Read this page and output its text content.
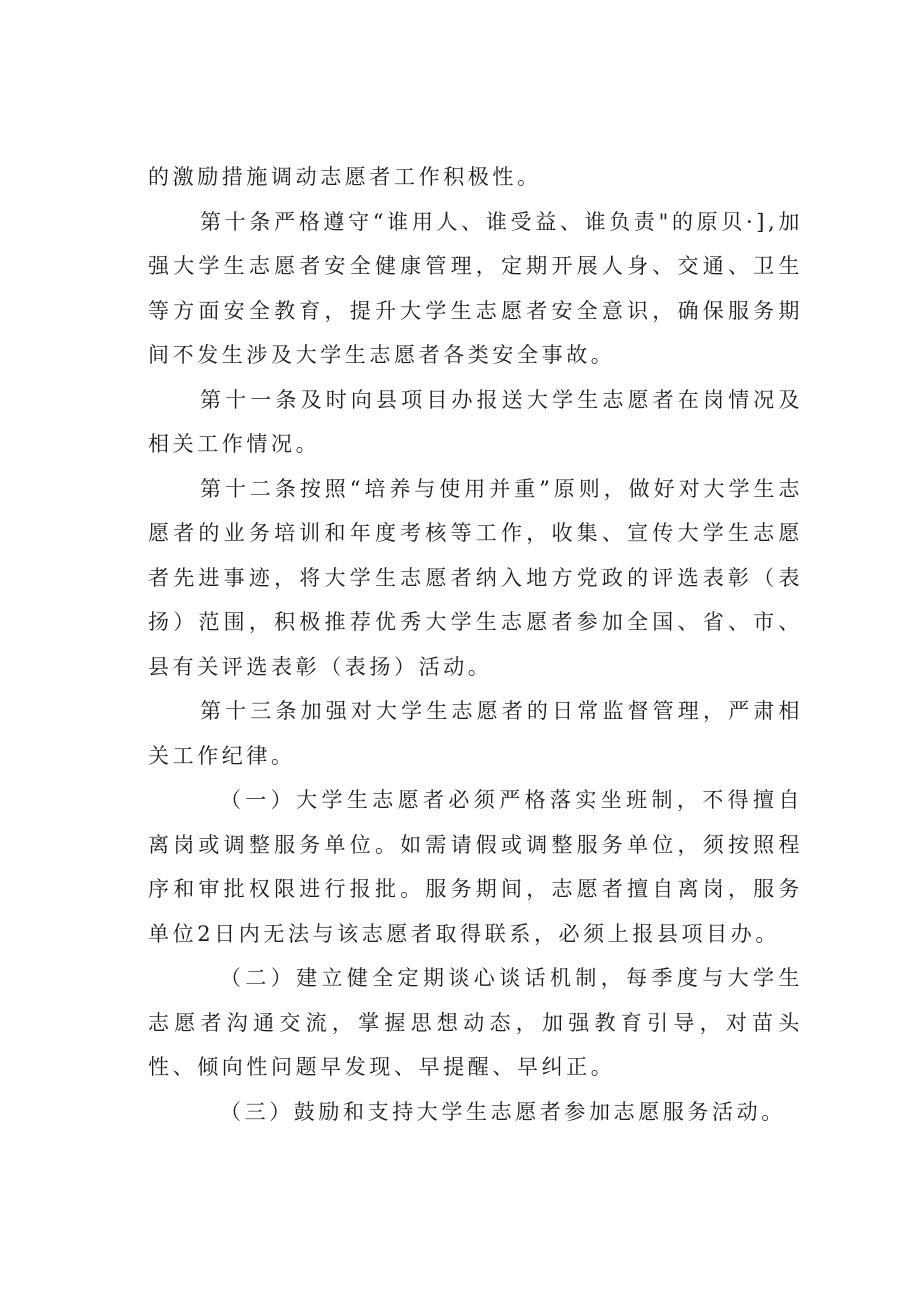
的激励措施调动志愿者工作积极性。

第十条严格遵守“谁用人、谁受益、谁负责"的原贝·],加强大学生志愿者安全健康管理，定期开展人身、交通、卫生等方面安全教育，提升大学生志愿者安全意识，确保服务期间不发生涉及大学生志愿者各类安全事故。

第十一条及时向县项目办报送大学生志愿者在岗情况及相关工作情况。

第十二条按照“培养与使用并重”原则，做好对大学生志愿者的业务培训和年度考核等工作，收集、宣传大学生志愿者先进事迹，将大学生志愿者纳入地方党政的评选表彰（表扬）范围，积极推荐优秀大学生志愿者参加全国、省、市、县有关评选表彰（表扬）活动。

第十三条加强对大学生志愿者的日常监督管理，严肃相关工作纪律。

（一）大学生志愿者必须严格落实坐班制，不得擅自离岗或调整服务单位。如需请假或调整服务单位，须按照程序和审批权限进行报批。服务期间，志愿者擅自离岗，服务单位2日内无法与该志愿者取得联系，必须上报县项目办。

（二）建立健全定期谈心谈话机制，每季度与大学生志愿者沟通交流，掌握思想动态，加强教育引导，对苗头性、倾向性问题早发现、早提醒、早纠正。

（三）鼓励和支持大学生志愿者参加志愿服务活动。
